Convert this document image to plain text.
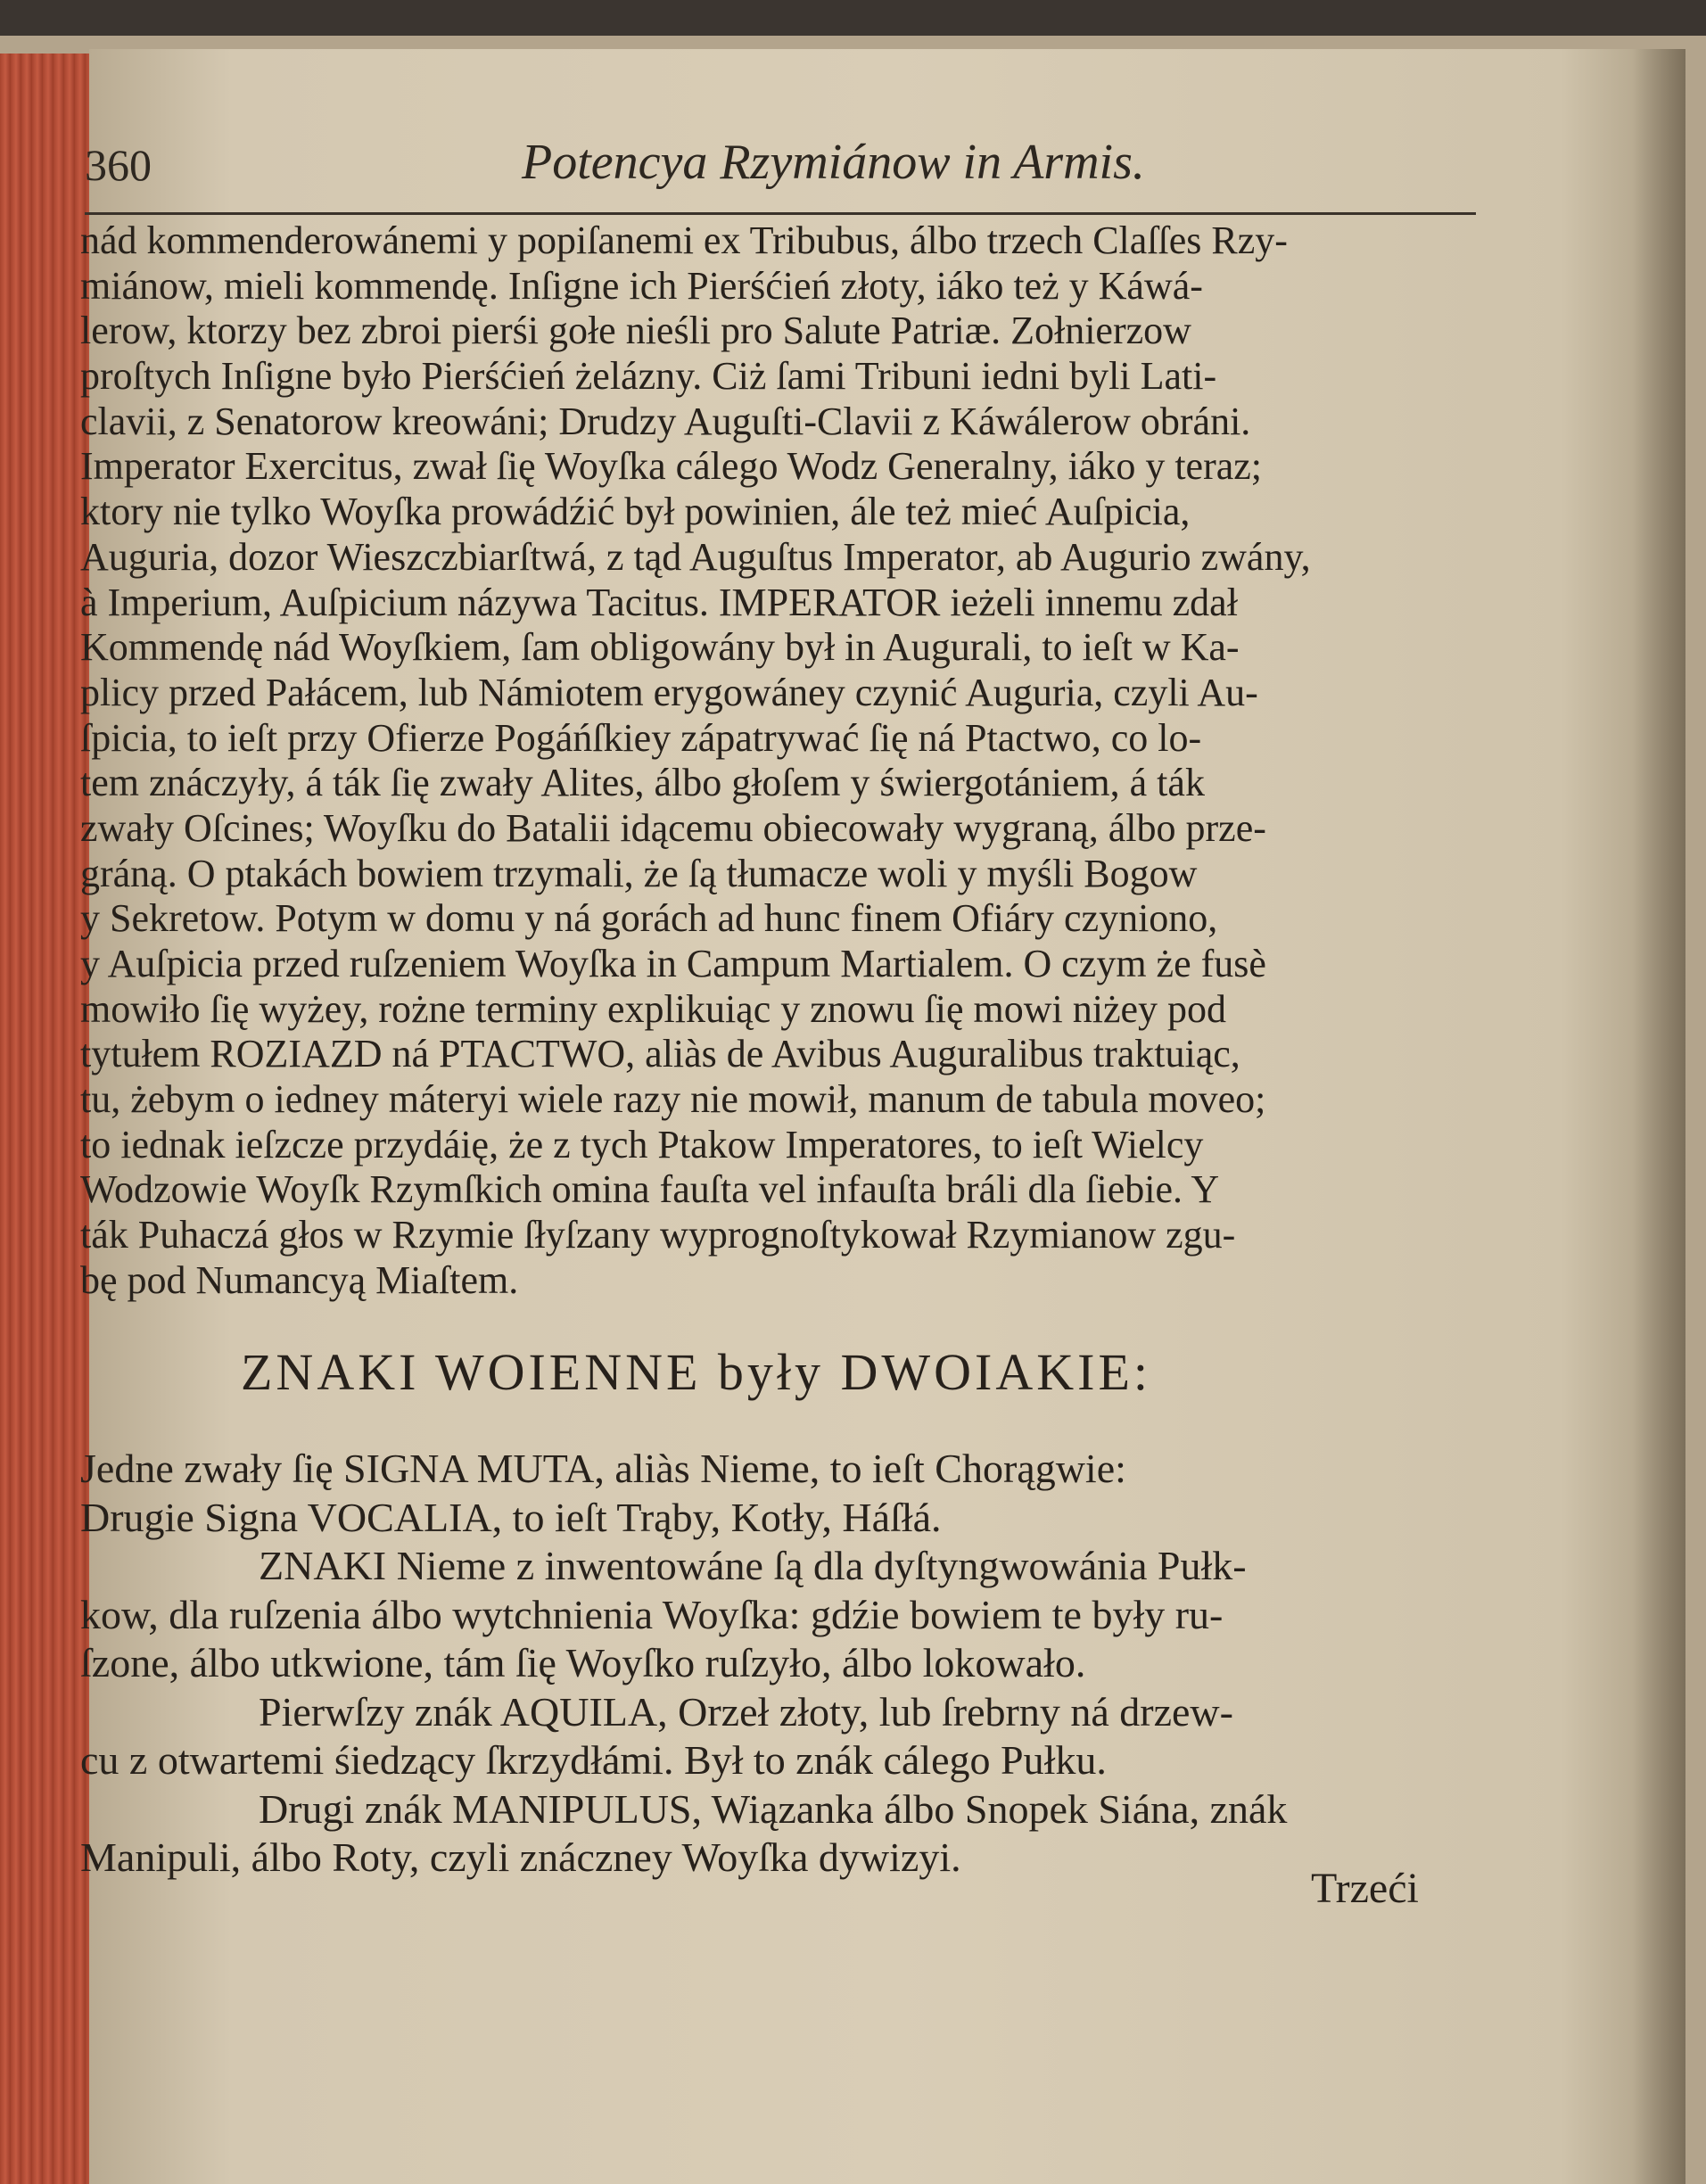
360	Potencya Rzymiánow in Armis.
nád kommenderowánemi y popiſanemi ex Tribubus, álbo trzech Claſſes Rzy-
miánow, mieli kommendę. Inſigne ich Pierśćień złoty, iáko też y Káwá-
lerow, ktorzy bez zbroi pierśi gołe nieśli pro Salute Patriæ. Zołnierzow
proſtych Inſigne było Pierśćień żelázny. Ciż ſami Tribuni iedni byli Lati-
clavii, z Senatorow kreowáni; Drudzy Auguſti-Clavii z Káwálerow obráni.
Imperator Exercitus, zwał ſię Woyſka cálego Wodz Generalny, iáko y teraz;
ktory nie tylko Woyſka prowádźić był powinien, ále też mieć Auſpicia,
Auguria, dozor Wieszczbiarſtwá, z tąd Auguſtus Imperator, ab Augurio zwány,
à Imperium, Auſpicium názywa Tacitus. IMPERATOR ieżeli innemu zdał
Kommendę nád Woyſkiem, ſam obligowány był in Augurali, to ieſt w Ka-
plicy przed Pałácem, lub Námiotem erygowáney czynić Auguria, czyli Au-
ſpicia, to ieſt przy Ofierze Pogáńſkiey zápatrywać ſię ná Ptactwo, co lo-
tem znáczyły, á ták ſię zwały Alites, álbo głoſem y świergotániem, á ták
zwały Oſcines; Woyſku do Batalii idącemu obiecowały wygraną, álbo prze-
gráną. O ptakách bowiem trzymali, że ſą tłumacze woli y myśli Bogow
y Sekretow. Potym w domu y ná gorách ad hunc finem Ofiáry czyniono,
y Auſpicia przed ruſzeniem Woyſka in Campum Martialem. O czym że fusè
mowiło ſię wyżey, rożne terminy explikuiąc y znowu ſię mowi niżey pod
tytułem ROZIAZD ná PTACTWO, aliàs de Avibus Auguralibus traktuiąc,
tu, żebym o iedney máteryi wiele razy nie mowił, manum de tabula moveo;
to iednak ieſzcze przydáię, że z tych Ptakow Imperatores, to ieſt Wielcy
Wodzowie Woyſk Rzymſkich omina fauſta vel infauſta bráli dla ſiebie. Y
ták Puhaczá głos w Rzymie ſłyſzany wyprognoſtykował Rzymianow zgu-
bę pod Numancyą Miaſtem.
ZNAKI WOIENNE były DWOIAKIE:
Jedne zwały ſię SIGNA MUTA, aliàs Nieme, to ieſt Chorągwie:
Drugie Signa VOCALIA, to ieſt Trąby, Kotły, Háſłá.
ZNAKI Nieme z inwentowáne ſą dla dyſtyngwowánia Pułk-
kow, dla ruſzenia álbo wytchnienia Woyſka: gdźie bowiem te były ru-
ſzone, álbo utkwione, tám ſię Woyſko ruſzyło, álbo lokowało.
Pierwſzy znák AQUILA, Orzeł złoty, lub ſrebrny ná drzew-
cu z otwartemi śiedzący ſkrzydłámi. Był to znák cálego Pułku.
Drugi znák MANIPULUS, Wiązanka álbo Snopek Siána, znák
Manipuli, álbo Roty, czyli znáczney Woyſka dywizyi.
Trzeći
